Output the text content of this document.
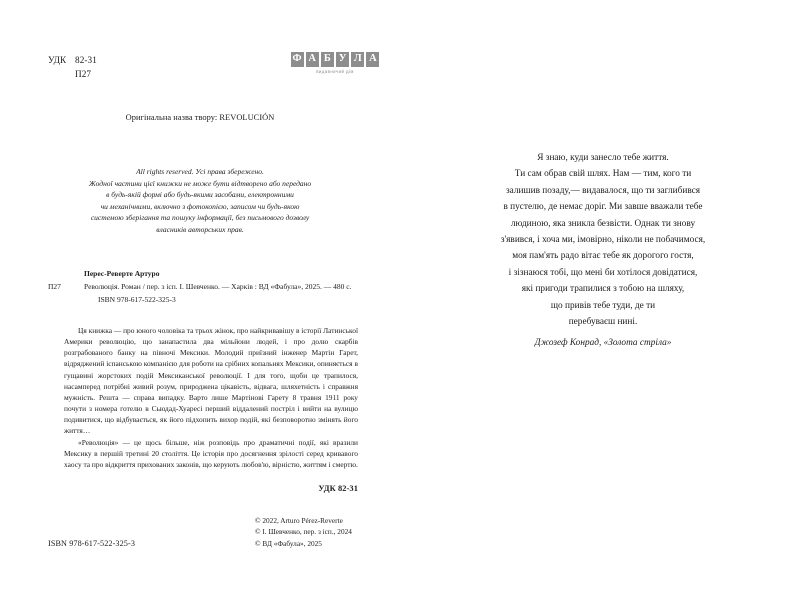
УДК 82-31
П27
Ф А Б У Л А
видавничий дім
Оригінальна назва твору: REVOLUCIÓN
All rights reserved. Усі права збережено.
Жодної частини цієї книжки не може бути відтворено або передано
в будь-якій формі або будь-якими засобами, електронними
чи механічними, включно з фотокопією, записом чи будь-якою
системою зберігання та пошуку інформації, без письмового дозволу
власників авторських прав.
Перес-Реверте Артуро
П27	Революція. Роман / пер. з ісп. І. Шевченко. — Харків : ВД «Фабула», 2025. — 480 с.
ISBN 978-617-522-325-3

Ця книжка — про юного чоловіка та трьох жінок, про найкривавішу в історії Латинської Америки революцію, що занапастила два мільйони людей, і про долю скарбів розграбованого банку на півночі Мексики. Молодий приїзний інженер Мартін Гарет, відряджений іспанською компанією для роботи на срібних копальнях Мексики, опиняється в гущавині жорстоких подій Мексиканської революції. І для того, щоби це трапилося, насамперед потрібні живий розум, природжена цікавість, відвага, шляхетність і справжня мужність. Решта — справа випадку. Варто лише Мартінові Гарету 8 травня 1911 року почути з номера готелю в Сьюдад-Хуаресі перший віддалений постріл і вийти на вулицю подивитися, що відбувається, як його підхопить вихор подій, які безповоротно змінять його життя…

«Революція» — це щось більше, ніж розповідь про драматичні події, які вразили Мексику в першій третині 20 століття. Це історія про досягнення зрілості серед кривавого хаосу та про відкриття прихованих законів, що керують любов'ю, вірністю, життям і смертю.

УДК 82-31
© 2022, Arturo Pérez-Reverte
© І. Шевченко, пер. з ісп., 2024
© ВД «Фабула», 2025
ISBN 978-617-522-325-3
Я знаю, куди занесло тебе життя.
Ти сам обрав свій шлях. Нам — тим, кого ти
залишив позаду,— видавалося, що ти заглибився
в пустелю, де немає доріг. Ми завше вважали тебе
людиною, яка зникла безвісти. Однак ти знову
з'явився, і хоча ми, імовірно, ніколи не побачимося,
моя пам'ять радо вітає тебе як дорогого гостя,
і зізнаюся тобі, що мені би хотілося довідатися,
які пригоди трапилися з тобою на шляху,
що привів тебе туди, де ти
перебуваєш нині.
Джозеф Конрад, «Золота стріла»
